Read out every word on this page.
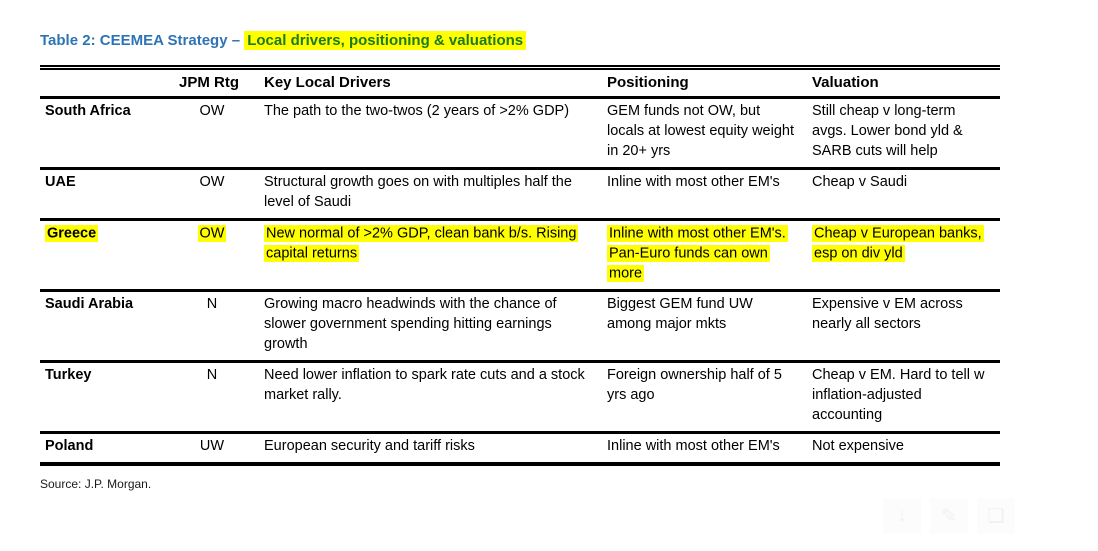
Table 2: CEEMEA Strategy – Local drivers, positioning & valuations
	JPM Rtg	Key Local Drivers	Positioning	Valuation
South Africa	OW	The path to the two-twos (2 years of >2% GDP)	GEM funds not OW, but locals at lowest equity weight in 20+ yrs	Still cheap v long-term avgs. Lower bond yld & SARB cuts will help
UAE	OW	Structural growth goes on with multiples half the level of Saudi	Inline with most other EM's	Cheap v Saudi
Greece	OW	New normal of >2% GDP, clean bank b/s. Rising capital returns	Inline with most other EM's. Pan-Euro funds can own more	Cheap v European banks, esp on div yld
Saudi Arabia	N	Growing macro headwinds with the chance of slower government spending hitting earnings growth	Biggest GEM fund UW among major mkts	Expensive v EM across nearly all sectors
Turkey	N	Need lower inflation to spark rate cuts and a stock market rally.	Foreign ownership half of 5 yrs ago	Cheap v EM. Hard to tell w inflation-adjusted accounting
Poland	UW	European security and tariff risks	Inline with most other EM's	Not expensive
Source: J.P. Morgan.
↓	✎	❏
